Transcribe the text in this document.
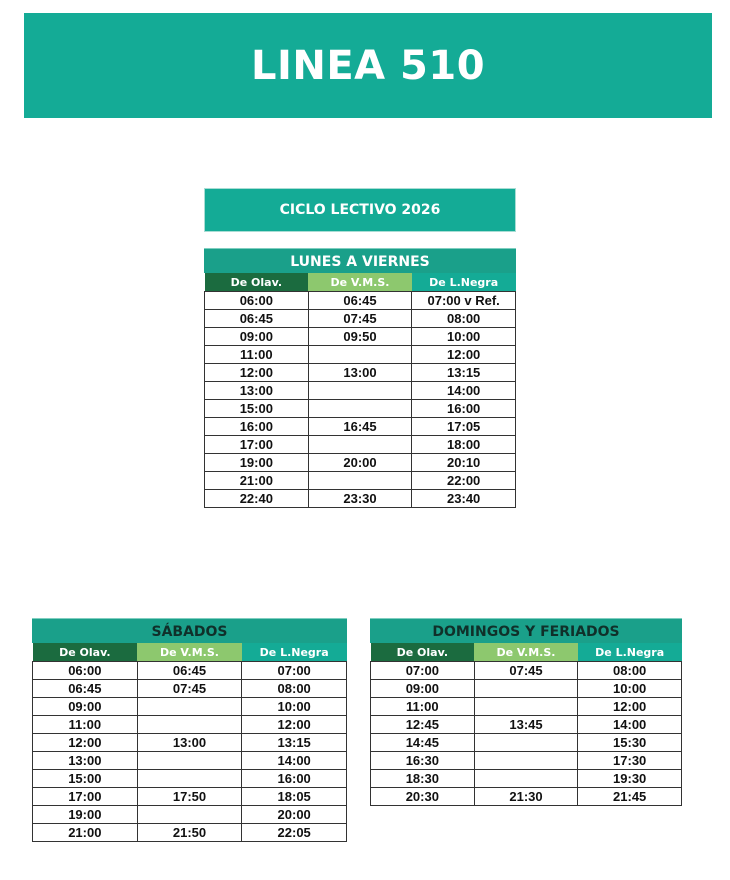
LINEA 510
CICLO LECTIVO 2026
LUNES A VIERNES
De Olav.	De V.M.S.	De L.Negra
06:00	06:45	07:00 v Ref.
06:45	07:45	08:00
09:00	09:50	10:00
11:00		12:00
12:00	13:00	13:15
13:00		14:00
15:00		16:00
16:00	16:45	17:05
17:00		18:00
19:00	20:00	20:10
21:00		22:00
22:40	23:30	23:40
SÁBADOS
De Olav.	De V.M.S.	De L.Negra
06:00	06:45	07:00
06:45	07:45	08:00
09:00		10:00
11:00		12:00
12:00	13:00	13:15
13:00		14:00
15:00		16:00
17:00	17:50	18:05
19:00		20:00
21:00	21:50	22:05
DOMINGOS Y FERIADOS
De Olav.	De V.M.S.	De L.Negra
07:00	07:45	08:00
09:00		10:00
11:00		12:00
12:45	13:45	14:00
14:45		15:30
16:30		17:30
18:30		19:30
20:30	21:30	21:45
